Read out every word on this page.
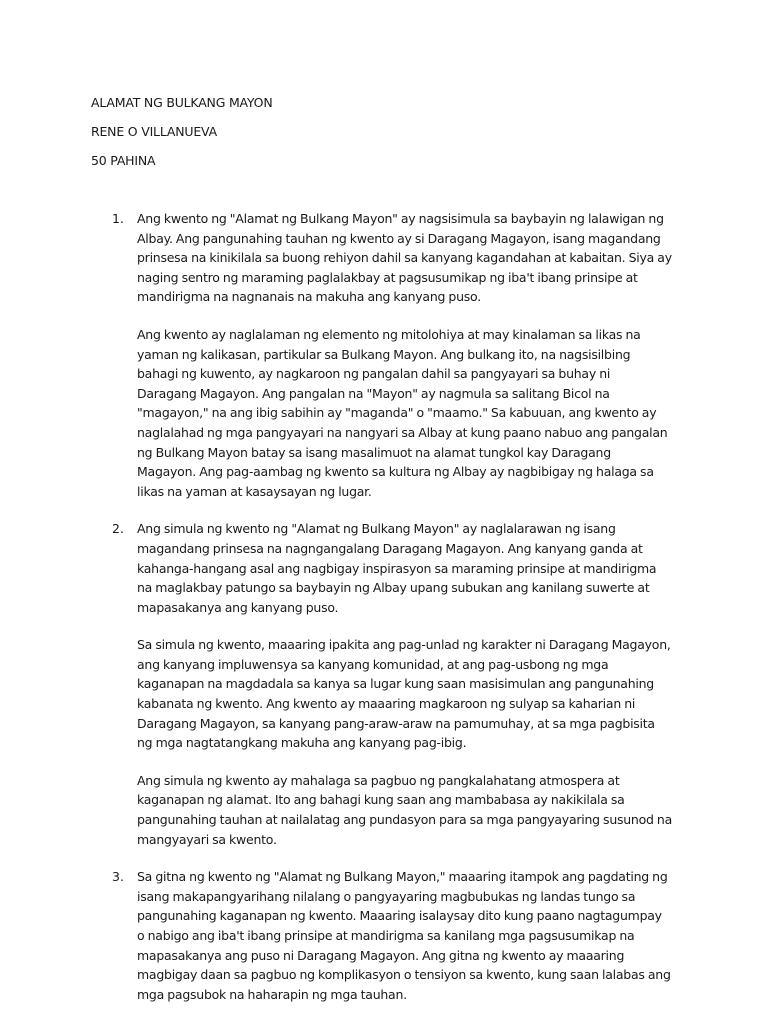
ALAMAT NG BULKANG MAYON
RENE O VILLANUEVA
50 PAHINA
1. Ang kwento ng "Alamat ng Bulkang Mayon" ay nagsisimula sa baybayin ng lalawigan ng Albay. Ang pangunahing tauhan ng kwento ay si Daragang Magayon, isang magandang prinsesa na kinikilala sa buong rehiyon dahil sa kanyang kagandahan at kabaitan. Siya ay naging sentro ng maraming paglalakbay at pagsusumikap ng iba't ibang prinsipe at mandirigma na nagnanais na makuha ang kanyang puso.

Ang kwento ay naglalaman ng elemento ng mitolohiya at may kinalaman sa likas na yaman ng kalikasan, partikular sa Bulkang Mayon. Ang bulkang ito, na nagsisilbing bahagi ng kuwento, ay nagkaroon ng pangalan dahil sa pangyayari sa buhay ni Daragang Magayon. Ang pangalan na "Mayon" ay nagmula sa salitang Bicol na "magayon," na ang ibig sabihin ay "maganda" o "maamo." Sa kabuuan, ang kwento ay naglalahad ng mga pangyayari na nangyari sa Albay at kung paano nabuo ang pangalan ng Bulkang Mayon batay sa isang masalimuot na alamat tungkol kay Daragang Magayon. Ang pag-aambag ng kwento sa kultura ng Albay ay nagbibigay ng halaga sa likas na yaman at kasaysayan ng lugar.

2. Ang simula ng kwento ng "Alamat ng Bulkang Mayon" ay naglalarawan ng isang magandang prinsesa na nagngangalang Daragang Magayon. Ang kanyang ganda at kahanga-hangang asal ang nagbigay inspirasyon sa maraming prinsipe at mandirigma na maglakbay patungo sa baybayin ng Albay upang subukan ang kanilang suwerte at mapasakanya ang kanyang puso.

Sa simula ng kwento, maaaring ipakita ang pag-unlad ng karakter ni Daragang Magayon, ang kanyang impluwensya sa kanyang komunidad, at ang pag-usbong ng mga kaganapan na magdadala sa kanya sa lugar kung saan masisimulan ang pangunahing kabanata ng kwento. Ang kwento ay maaaring magkaroon ng sulyap sa kaharian ni Daragang Magayon, sa kanyang pang-araw-araw na pamumuhay, at sa mga pagbisita ng mga nagtatangkang makuha ang kanyang pag-ibig.

Ang simula ng kwento ay mahalaga sa pagbuo ng pangkalahatang atmospera at kaganapan ng alamat. Ito ang bahagi kung saan ang mambabasa ay nakikilala sa pangunahing tauhan at nailalatag ang pundasyon para sa mga pangyayaring susunod na mangyayari sa kwento.

3. Sa gitna ng kwento ng "Alamat ng Bulkang Mayon," maaaring itampok ang pagdating ng isang makapangyarihang nilalang o pangyayaring magbubukas ng landas tungo sa pangunahing kaganapan ng kwento. Maaaring isalaysay dito kung paano nagtagumpay o nabigo ang iba't ibang prinsipe at mandirigma sa kanilang mga pagsusumikap na mapasakanya ang puso ni Daragang Magayon. Ang gitna ng kwento ay maaaring magbigay daan sa pagbuo ng komplikasyon o tensiyon sa kwento, kung saan lalabas ang mga pagsubok na haharapin ng mga tauhan.
